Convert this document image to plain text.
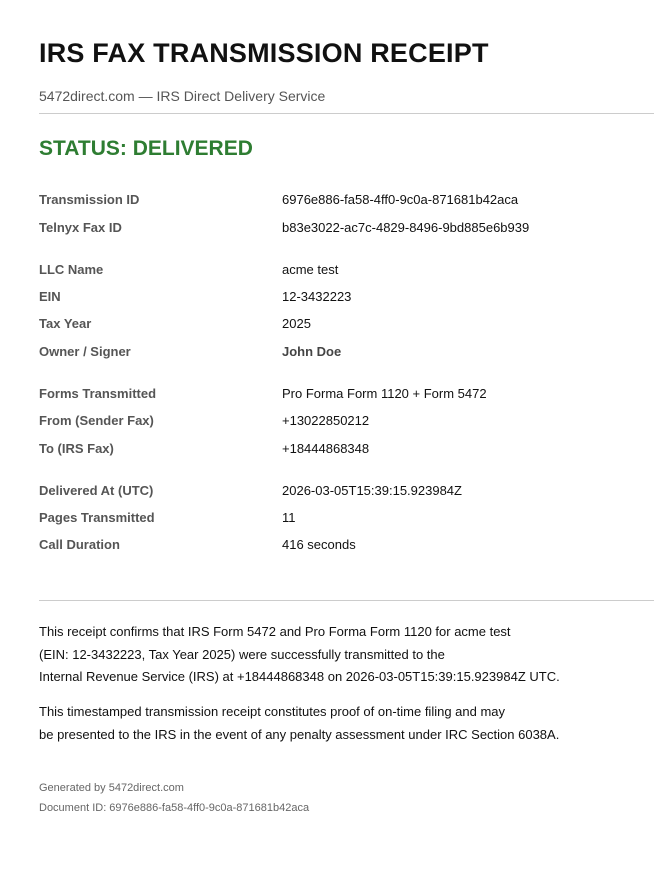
IRS FAX TRANSMISSION RECEIPT
5472direct.com — IRS Direct Delivery Service
STATUS: DELIVERED
Transmission ID	6976e886-fa58-4ff0-9c0a-871681b42aca
Telnyx Fax ID	b83e3022-ac7c-4829-8496-9bd885e6b939
LLC Name	acme test
EIN	12-3432223
Tax Year	2025
Owner / Signer	John Doe
Forms Transmitted	Pro Forma Form 1120 + Form 5472
From (Sender Fax)	+13022850212
To (IRS Fax)	+18444868348
Delivered At (UTC)	2026-03-05T15:39:15.923984Z
Pages Transmitted	11
Call Duration	416 seconds

This receipt confirms that IRS Form 5472 and Pro Forma Form 1120 for acme test
(EIN: 12-3432223, Tax Year 2025) were successfully transmitted to the
Internal Revenue Service (IRS) at +18444868348 on 2026-03-05T15:39:15.923984Z UTC.

This timestamped transmission receipt constitutes proof of on-time filing and may
be presented to the IRS in the event of any penalty assessment under IRC Section 6038A.

Generated by 5472direct.com
Document ID: 6976e886-fa58-4ff0-9c0a-871681b42aca
